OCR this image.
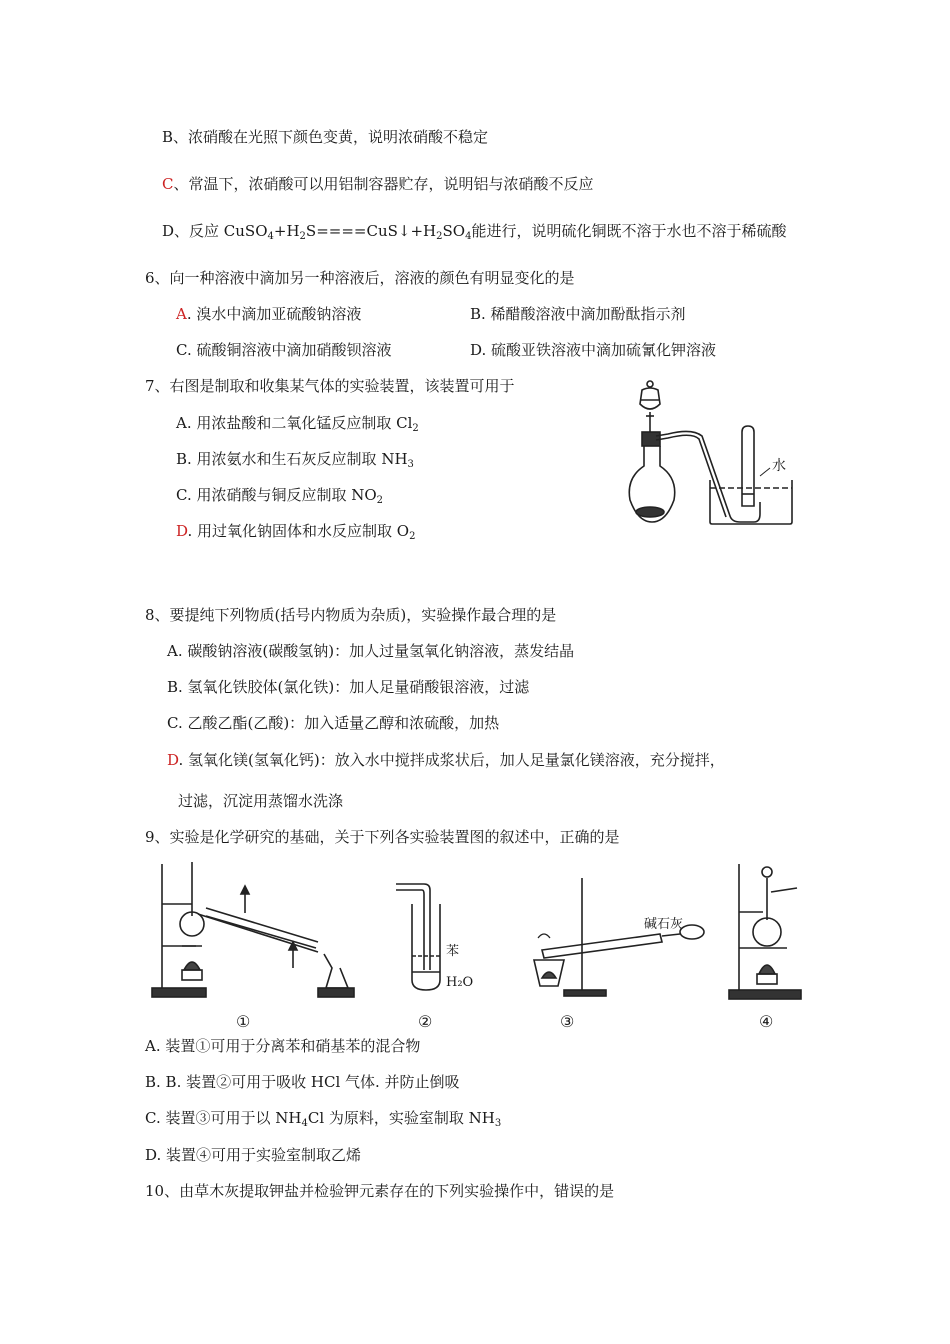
B、浓硝酸在光照下颜色变黄，说明浓硝酸不稳定
C、常温下，浓硝酸可以用铝制容器贮存，说明铝与浓硝酸不反应
D、反应 $CuSO_4+H_2S====CuS↓+H_2SO_4$能进行，说明硫化铜既不溶于水也不溶于稀硫酸
6、向一种溶液中滴加另一种溶液后，溶液的颜色有明显变化的是
A. 溴水中滴加亚硫酸钠溶液	B. 稀醋酸溶液中滴加酚酞指示剂
C. 硫酸铜溶液中滴加硝酸钡溶液	D. 硫酸亚铁溶液中滴加硫氰化钾溶液
7、右图是制取和收集某气体的实验装置，该装置可用于
A. 用浓盐酸和二氧化锰反应制取 $Cl_2$
B. 用浓氨水和生石灰反应制取 $NH_3$
C. 用浓硝酸与铜反应制取 $NO_2$
D. 用过氧化钠固体和水反应制取 $O_2$
水
8、要提纯下列物质(括号内物质为杂质)，实验操作最合理的是
A. 碳酸钠溶液(碳酸氢钠)：加人过量氢氧化钠溶液，蒸发结晶
B. 氢氧化铁胶体(氯化铁)：加人足量硝酸银溶液，过滤
C. 乙酸乙酯(乙酸)：加入适量乙醇和浓硫酸，加热
D. 氢氧化镁(氢氧化钙)：放入水中搅拌成浆状后，加人足量氯化镁溶液，充分搅拌，
过滤，沉淀用蒸馏水洗涤
9、实验是化学研究的基础，关于下列各实验装置图的叙述中，正确的是
苯
H₂O
碱石灰
①	②	③	④
A. 装置①可用于分离苯和硝基苯的混合物
B. B. 装置②可用于吸收 HCl 气体. 并防止倒吸
C. 装置③可用于以 $NH_4Cl$ 为原料，实验室制取 $NH_3$
D. 装置④可用于实验室制取乙烯
10、由草木灰提取钾盐并检验钾元素存在的下列实验操作中，错误的是
